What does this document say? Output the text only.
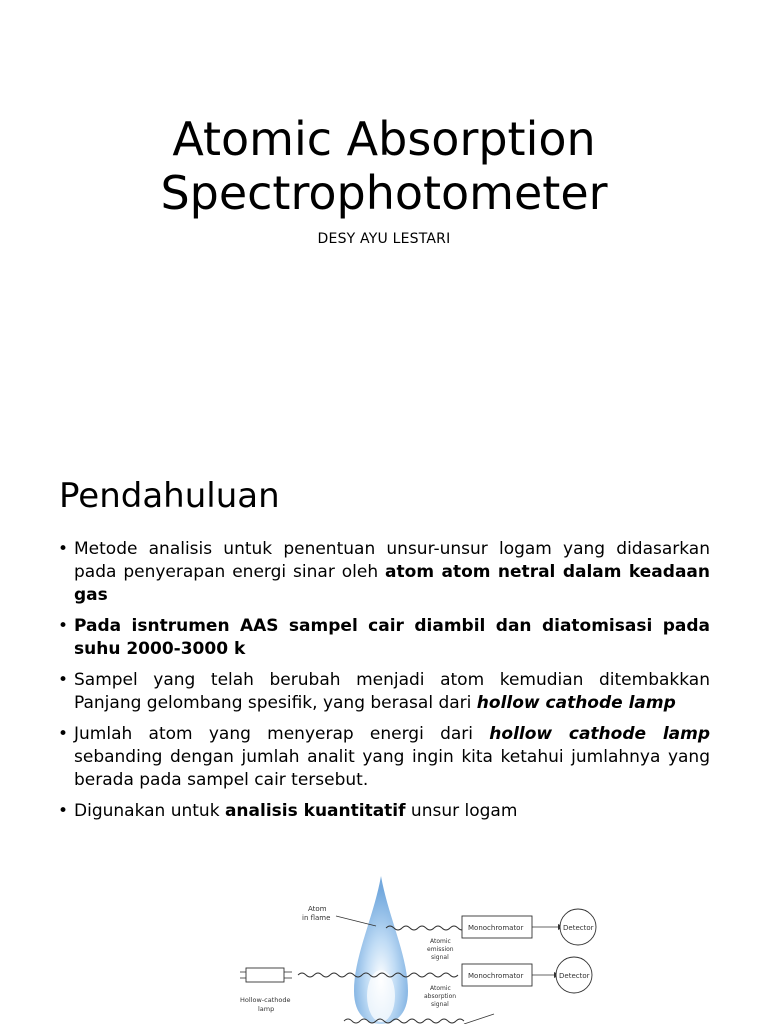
Atomic Absorption
Spectrophotometer
DESY AYU LESTARI
Pendahuluan
• Metode analisis untuk penentuan unsur-unsur logam yang didasarkan pada penyerapan energi sinar oleh atom atom netral dalam keadaan gas
• Pada isntrumen AAS sampel cair diambil dan diatomisasi pada suhu 2000-3000 k
• Sampel yang telah berubah menjadi atom kemudian ditembakkan Panjang gelombang spesifik, yang berasal dari hollow cathode lamp
• Jumlah atom yang menyerap energi dari hollow cathode lamp sebanding dengan jumlah analit yang ingin kita ketahui jumlahnya yang berada pada sampel cair tersebut.
• Digunakan untuk analisis kuantitatif unsur logam
Atom
in flame
Atomic
emission
signal
Monochromator	Detector
Hollow-cathode
lamp
Atomic
absorption
signal
Monochromator	Detector
